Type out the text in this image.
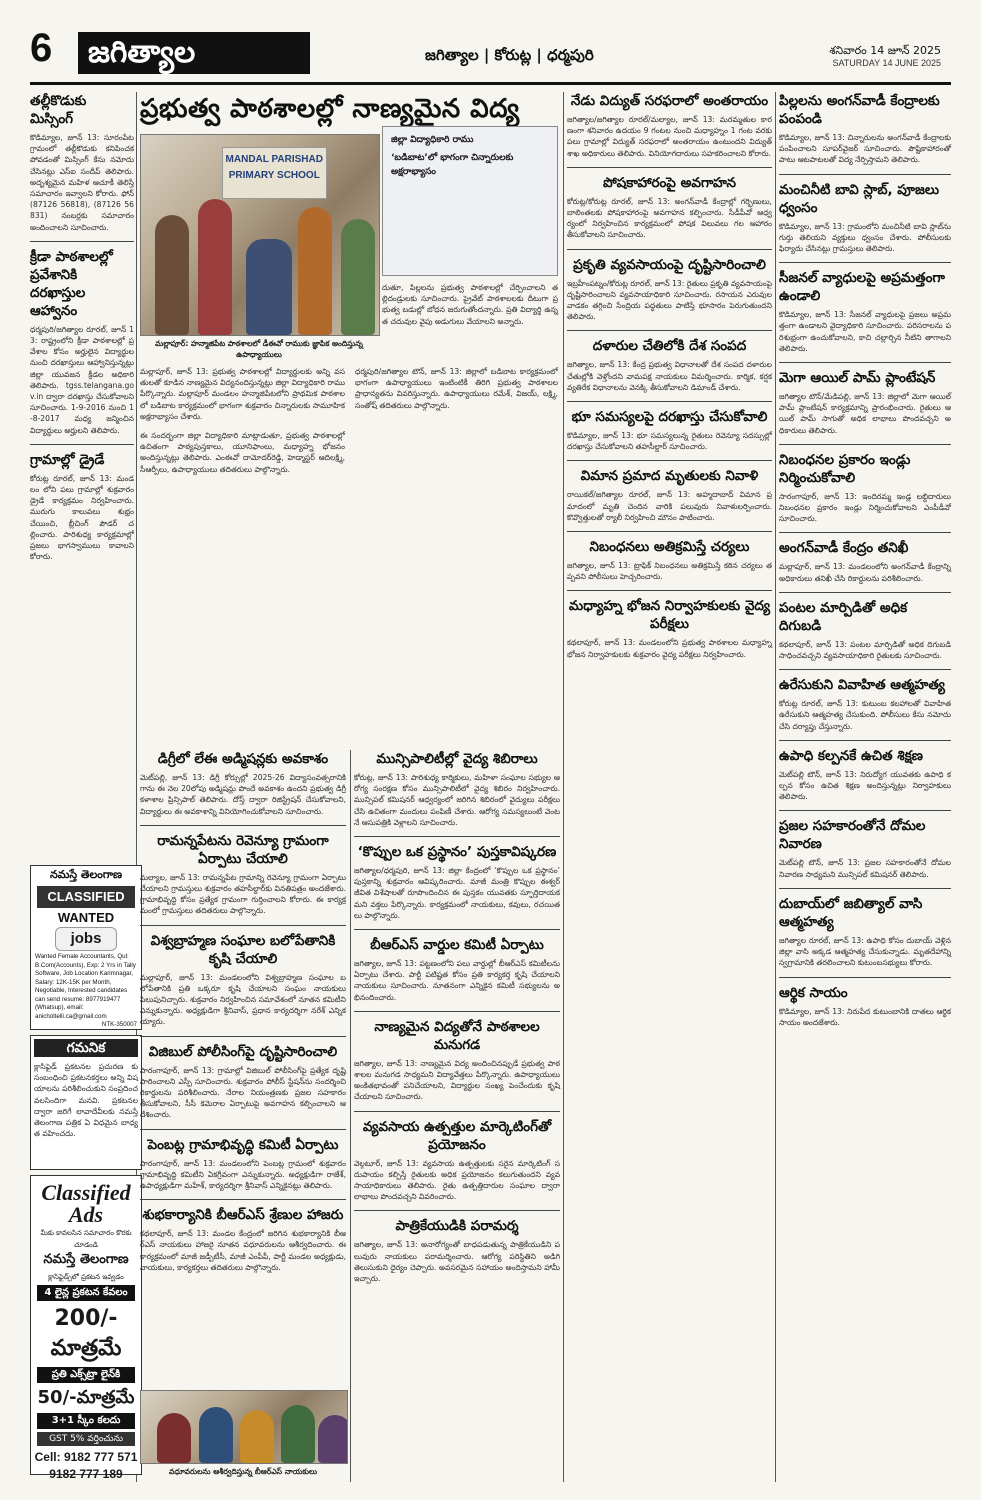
6	జగిత్యాల	జగిత్యాల | కోరుట్ల | ధర్మపురి	శనివారం 14 జూన్ 2025
SATURDAY 14 JUNE 2025
తల్లీకొడుకు మిస్సింగ్
కొడిమ్యాల, జూన్ 13: సూరంపేట గ్రామంలో తల్లీకొడుకు కనిపించకపోవడంతో మిస్సింగ్ కేసు నమోదు చేసినట్లు ఎస్‌ఐ సందీప్ తెలిపారు. అదృశ్యమైన మహిళ ఆచూకీ తెలిస్తే సమాచారం ఇవ్వాలని కోరారు. ఫోన్ (87126 56818), (87126 56831) నంబర్లకు సమాచారం అందించాలని సూచించారు.
క్రీడా పాఠశాలల్లో ప్రవేశానికి దరఖాస్తుల ఆహ్వానం
ధర్మపురి/జగిత్యాల రూరల్, జూన్ 13: రాష్ట్రంలోని క్రీడా పాఠశాలల్లో ప్రవేశాల కోసం అర్హులైన విద్యార్థుల నుంచి దరఖాస్తులు ఆహ్వానిస్తున్నట్లు జిల్లా యువజన క్రీడల అధికారి తెలిపారు. tgss.telangana.gov.in ద్వారా దరఖాస్తు చేసుకోవాలని సూచించారు. 1-9-2016 నుంచి 1-8-2017 మధ్య జన్మించిన విద్యార్థులు అర్హులని తెలిపారు.
గ్రామాల్లో డ్రైడే
కోరుట్ల రూరల్, జూన్ 13: మండలం లోని పలు గ్రామాల్లో శుక్రవారం డ్రైడే కార్యక్రమం నిర్వహించారు. మురుగు కాలువలు శుభ్రం చేయించి, బ్లీచింగ్ పౌడర్ చల్లించారు. పారిశుధ్య కార్యక్రమాల్లో ప్రజలు భాగస్వాములు కావాలని కోరారు.
నమస్తే తెలంగాణ
CLASSIFIED
WANTED
jobs
Wanted Female Accountants, Qul: B.Com(Accounts), Exp: 2 Yrs in Tally Software, Job Location Karimnagar, Salary: 12K-15K per Month, Negotiable, Interested candidates can send resume: 8977919477 (Whatsup), email: anicholtelli.ca@gmail.com
NTK-350007
గమనిక
క్లాసిఫైడ్ ప్రకటనల ప్రచురణ కు సంబంధించి ప్రకటనకర్తలు అన్ని విషయాలను పరిశీలించుకుని సంప్రదించవలసిందిగా మనవి. ప్రకటనల ద్వారా జరిగే లావాదేవీలకు నమస్తే తెలంగాణ పత్రిక ఏ విధమైన బాధ్యత వహించదు.
Classified Ads
మీకు కావలసిన సమాచారం కొరకు
చూడండి
నమస్తే తెలంగాణ
క్లాసిఫైడ్స్‌లో ప్రకటన ఇవ్వడం
4 లైన్ల ప్రకటన కేవలం
200/-మాత్రమే
ప్రతి ఎక్స్‌ట్రా లైన్‌కి
50/-మాత్రమే
3+1 స్కీం కలదు
GST 5% వర్తించును
Cell: 9182 777 571
9182 777 189
ప్రభుత్వ పాఠశాలల్లో నాణ్యమైన విద్య
MANDAL PARISHAD PRIMARY SCHOOL
జిల్లా విద్యాధికారి రాము
‘బడిబాట’లో భాగంగా చిన్నారులకు అక్షరాభ్యాసం
దుతూ, పిల్లలను ప్రభుత్వ పాఠశాలల్లో చేర్పించాలని తల్లిదండ్రులకు సూచించారు. ప్రైవేట్ పాఠశాలలకు దీటుగా ప్రభుత్వ బడుల్లో బోధన జరుగుతోందన్నారు. ప్రతి విద్యార్థి ఉన్నత చదువుల వైపు అడుగులు వేయాలని అన్నారు.
మల్లాపూర్: హన్మాజిపేట పాఠశాలలో డీఈవో రాముకు జ్ఞాపిక అందిస్తున్న ఉపాధ్యాయులు
మల్లాపూర్, జూన్ 13: ప్రభుత్వ పాఠశాలల్లో విద్యార్థులకు అన్ని వసతులతో కూడిన నాణ్యమైన విద్యనందిస్తున్నట్లు జిల్లా విద్యాధికారి రాము పేర్కొన్నారు. మల్లాపూర్ మండలం హన్మాజిపేటలోని ప్రాథమిక పాఠశాలలో బడిబాట కార్యక్రమంలో భాగంగా శుక్రవారం చిన్నారులకు సామూహిక అక్షరాభ్యాసం చేశారు.
ఈ సందర్భంగా జిల్లా విద్యాధికారి మాట్లాడుతూ, ప్రభుత్వ పాఠశాలల్లో ఉచితంగా పాఠ్యపుస్తకాలు, యూనిఫాంలు, మధ్యాహ్న భోజనం అందిస్తున్నట్లు తెలిపారు. ఎంఈవో దామోదర్‌రెడ్డి, హెడ్మాస్టర్ ఆదిలక్ష్మి, సీఆర్పీలు, ఉపాధ్యాయులు తదితరులు పాల్గొన్నారు.
ధర్మపురి/జగిత్యాల టౌన్, జూన్ 13: జిల్లాలో బడిబాట కార్యక్రమంలో భాగంగా ఉపాధ్యాయులు ఇంటింటికీ తిరిగి ప్రభుత్వ పాఠశాలల ప్రాధాన్యతను వివరిస్తున్నారు. ఉపాధ్యాయులు రమేశ్, విజయ్, లక్ష్మి, సంతోష్ తదితరులు పాల్గొన్నారు.
డిగ్రీలో లేఈ అడ్మిషన్లకు అవకాశం
మెట్‌పల్లి, జూన్ 13: డిగ్రీ కోర్సుల్లో 2025-26 విద్యాసంవత్సరానికి గాను ఈ నెల 20లోపు అడ్మిషన్లు పొందే అవకాశం ఉందని ప్రభుత్వ డిగ్రీ కళాశాల ప్రిన్సిపాల్ తెలిపారు. దోస్త్ ద్వారా రిజిస్ట్రేషన్ చేసుకోవాలని, విద్యార్థులు ఈ అవకాశాన్ని వినియోగించుకోవాలని సూచించారు.
రామన్నపేటను రెవెన్యూ గ్రామంగా ఏర్పాటు చేయాలి
మల్యాల, జూన్ 13: రామన్నపేట గ్రామాన్ని రెవెన్యూ గ్రామంగా ఏర్పాటు చేయాలని గ్రామస్తులు శుక్రవారం తహసీల్దార్‌కు వినతిపత్రం అందజేశారు. గ్రామాభివృద్ధి కోసం ప్రత్యేక గ్రామంగా గుర్తించాలని కోరారు. ఈ కార్యక్రమంలో గ్రామస్తులు తదితరులు పాల్గొన్నారు.
విశ్వబ్రాహ్మణ సంఘాల బలోపేతానికి కృషి చేయాలి
మల్లాపూర్, జూన్ 13: మండలంలోని విశ్వబ్రాహ్మణ సంఘాల బలోపేతానికి ప్రతి ఒక్కరూ కృషి చేయాలని సంఘం నాయకులు పిలుపునిచ్చారు. శుక్రవారం నిర్వహించిన సమావేశంలో నూతన కమిటీని ఎన్నుకున్నారు. అధ్యక్షుడిగా శ్రీనివాస్, ప్రధాన కార్యదర్శిగా నరేశ్ ఎన్నికయ్యారు.
విజిబుల్ పోలీసింగ్‌పై దృష్టిసారించాలి
సారంగాపూర్, జూన్ 13: గ్రామాల్లో విజిబుల్ పోలీసింగ్‌పై ప్రత్యేక దృష్టి సారించాలని ఎస్పీ సూచించారు. శుక్రవారం పోలీస్ స్టేషన్‌ను సందర్శించి రికార్డులను పరిశీలించారు. నేరాల నియంత్రణకు ప్రజల సహకారం తీసుకోవాలని, సీసీ కెమెరాల ఏర్పాటుపై అవగాహన కల్పించాలని ఆదేశించారు.
పెంబట్ల గ్రామాభివృద్ధి కమిటీ ఏర్పాటు
సారంగాపూర్, జూన్ 13: మండలంలోని పెంబట్ల గ్రామంలో శుక్రవారం గ్రామాభివృద్ధి కమిటీని ఏకగ్రీవంగా ఎన్నుకున్నారు. అధ్యక్షుడిగా రాజేశ్, ఉపాధ్యక్షుడిగా మహేశ్, కార్యదర్శిగా శ్రీనివాస్ ఎన్నికైనట్లు తెలిపారు.
శుభకార్యానికి బీఆర్‌ఎస్ శ్రేణుల హాజరు
కథలాపూర్, జూన్ 13: మండల కేంద్రంలో జరిగిన శుభకార్యానికి బీఆర్‌ఎస్ నాయకులు హాజరై నూతన వధూవరులను ఆశీర్వదించారు. ఈ కార్యక్రమంలో మాజీ జడ్పీటీసీ, మాజీ ఎంపీపీ, పార్టీ మండల అధ్యక్షుడు, నాయకులు, కార్యకర్తలు తదితరులు పాల్గొన్నారు.
వధూవరులను ఆశీర్వదిస్తున్న బీఆర్‌ఎస్ నాయకులు
మున్సిపాలిటీల్లో వైద్య శిబిరాలు
కోరుట్ల, జూన్ 13: పారిశుధ్య కార్మికులు, మహిళా సంఘాల సభ్యుల ఆరోగ్య సంరక్షణ కోసం మున్సిపాలిటీలో వైద్య శిబిరం నిర్వహించారు. మున్సిపల్ కమిషనర్ ఆధ్వర్యంలో జరిగిన శిబిరంలో వైద్యులు పరీక్షలు చేసి ఉచితంగా మందులు పంపిణీ చేశారు. ఆరోగ్య సమస్యలుంటే వెంటనే ఆసుపత్రికి వెళ్లాలని సూచించారు.
‘కొప్పుల ఒక ప్రస్థానం’ పుస్తకావిష్కరణ
జగిత్యాల/ధర్మపురి, జూన్ 13: జిల్లా కేంద్రంలో ‘కొప్పుల ఒక ప్రస్థానం’ పుస్తకాన్ని శుక్రవారం ఆవిష్కరించారు. మాజీ మంత్రి కొప్పుల ఈశ్వర్ జీవిత విశేషాలతో రూపొందించిన ఈ పుస్తకం యువతకు స్ఫూర్తిదాయకమని వక్తలు పేర్కొన్నారు. కార్యక్రమంలో నాయకులు, కవులు, రచయితలు పాల్గొన్నారు.
బీఆర్‌ఎస్ వార్డుల కమిటీ ఏర్పాటు
జగిత్యాల, జూన్ 13: పట్టణంలోని పలు వార్డుల్లో బీఆర్‌ఎస్ కమిటీలను ఏర్పాటు చేశారు. పార్టీ పటిష్టత కోసం ప్రతి కార్యకర్త కృషి చేయాలని నాయకులు సూచించారు. నూతనంగా ఎన్నికైన కమిటీ సభ్యులను అభినందించారు.
నాణ్యమైన విద్యతోనే పాఠశాలల మనుగడ
జగిత్యాల, జూన్ 13: నాణ్యమైన విద్య అందించినప్పుడే ప్రభుత్వ పాఠశాలల మనుగడ సాధ్యమని విద్యావేత్తలు పేర్కొన్నారు. ఉపాధ్యాయులు అంకితభావంతో పనిచేయాలని, విద్యార్థుల సంఖ్య పెంచేందుకు కృషి చేయాలని సూచించారు.
వ్యవసాయ ఉత్పత్తుల మార్కెటింగ్‌తో ప్రయోజనం
వెల్గటూర్, జూన్ 13: వ్యవసాయ ఉత్పత్తులకు సరైన మార్కెటింగ్ సదుపాయం కల్పిస్తే రైతులకు అధిక ప్రయోజనం కలుగుతుందని వ్యవసాయాధికారులు తెలిపారు. రైతు ఉత్పత్తిదారుల సంఘాల ద్వారా లాభాలు పొందవచ్చని వివరించారు.
పాత్రికేయుడికి పరామర్శ
జగిత్యాల, జూన్ 13: అనారోగ్యంతో బాధపడుతున్న పాత్రికేయుడిని పలువురు నాయకులు పరామర్శించారు. ఆరోగ్య పరిస్థితిని అడిగి తెలుసుకుని ధైర్యం చెప్పారు. అవసరమైన సహాయం అందిస్తామని హామీ ఇచ్చారు.
నేడు విద్యుత్ సరఫరాలో అంతరాయం
జగిత్యాల/జగిత్యాల రూరల్/మల్యాల, జూన్ 13: మరమ్మతుల కారణంగా శనివారం ఉదయం 9 గంటల నుంచి మధ్యాహ్నం 1 గంట వరకు పలు గ్రామాల్లో విద్యుత్ సరఫరాలో అంతరాయం ఉంటుందని విద్యుత్ శాఖ అధికారులు తెలిపారు. వినియోగదారులు సహకరించాలని కోరారు.
పోషకాహారంపై అవగాహన
కోరుట్ల/కోరుట్ల రూరల్, జూన్ 13: అంగన్‌వాడీ కేంద్రాల్లో గర్భిణులు, బాలింతలకు పోషకాహారంపై అవగాహన కల్పించారు. సీడీపీవో ఆధ్వర్యంలో నిర్వహించిన కార్యక్రమంలో పోషక విలువలు గల ఆహారం తీసుకోవాలని సూచించారు.
ప్రకృతి వ్యవసాయంపై దృష్టిసారించాలి
ఇబ్రహీంపట్నం/కోరుట్ల రూరల్, జూన్ 13: రైతులు ప్రకృతి వ్యవసాయంపై దృష్టిసారించాలని వ్యవసాయాధికారి సూచించారు. రసాయన ఎరువుల వాడకం తగ్గించి సేంద్రియ పద్ధతులు పాటిస్తే భూసారం పెరుగుతుందని తెలిపారు.
దళారుల చేతిలోకి దేశ సంపద
జగిత్యాల, జూన్ 13: కేంద్ర ప్రభుత్వ విధానాలతో దేశ సంపద దళారుల చేతుల్లోకి వెళ్తోందని వామపక్ష నాయకులు విమర్శించారు. కార్మిక, కర్షక వ్యతిరేక విధానాలను వెనక్కి తీసుకోవాలని డిమాండ్ చేశారు.
భూ సమస్యలపై దరఖాస్తు చేసుకోవాలి
కొడిమ్యాల, జూన్ 13: భూ సమస్యలున్న రైతులు రెవెన్యూ సదస్సుల్లో దరఖాస్తు చేసుకోవాలని తహసీల్దార్ సూచించారు.
విమాన ప్రమాద మృతులకు నివాళి
రాయికల్/జగిత్యాల రూరల్, జూన్ 13: అహ్మదాబాద్ విమాన ప్రమాదంలో మృతి చెందిన వారికి పలువురు నివాళులర్పించారు. కొవ్వొత్తులతో ర్యాలీ నిర్వహించి మౌనం పాటించారు.
నిబంధనలు అతిక్రమిస్తే చర్యలు
జగిత్యాల, జూన్ 13: ట్రాఫిక్ నిబంధనలు అతిక్రమిస్తే కఠిన చర్యలు తప్పవని పోలీసులు హెచ్చరించారు.
మధ్యాహ్న భోజన నిర్వాహకులకు వైద్య పరీక్షలు
కథలాపూర్, జూన్ 13: మండలంలోని ప్రభుత్వ పాఠశాలల మధ్యాహ్న భోజన నిర్వాహకులకు శుక్రవారం వైద్య పరీక్షలు నిర్వహించారు.
పిల్లలను అంగన్‌వాడీ కేంద్రాలకు పంపండి
కొడిమ్యాల, జూన్ 13: చిన్నారులను అంగన్‌వాడీ కేంద్రాలకు పంపించాలని సూపర్‌వైజర్ సూచించారు. పౌష్టికాహారంతో పాటు ఆటపాటలతో విద్య నేర్పిస్తామని తెలిపారు.
మంచినీటి బావి స్లాబ్, పూజలు ధ్వంసం
కొడిమ్యాల, జూన్ 13: గ్రామంలోని మంచినీటి బావి స్లాబ్‌ను గుర్తు తెలియని వ్యక్తులు ధ్వంసం చేశారు. పోలీసులకు ఫిర్యాదు చేసినట్లు గ్రామస్తులు తెలిపారు.
సీజనల్ వ్యాధులపై అప్రమత్తంగా ఉండాలి
కొడిమ్యాల, జూన్ 13: సీజనల్ వ్యాధులపై ప్రజలు అప్రమత్తంగా ఉండాలని వైద్యాధికారి సూచించారు. పరిసరాలను పరిశుభ్రంగా ఉంచుకోవాలని, కాచి చల్లార్చిన నీటిని తాగాలని తెలిపారు.
మెగా ఆయిల్ పామ్ ప్లాంటేషన్
జగిత్యాల టౌన్/మేడిపల్లి, జూన్ 13: జిల్లాలో మెగా ఆయిల్ పామ్ ప్లాంటేషన్ కార్యక్రమాన్ని ప్రారంభించారు. రైతులు ఆయిల్ పామ్ సాగుతో అధిక లాభాలు పొందవచ్చని అధికారులు తెలిపారు.
నిబంధనల ప్రకారం ఇండ్లు నిర్మించుకోవాలి
సారంగాపూర్, జూన్ 13: ఇందిరమ్మ ఇండ్ల లబ్ధిదారులు నిబంధనల ప్రకారం ఇండ్లు నిర్మించుకోవాలని ఎంపీడీవో సూచించారు.
అంగన్‌వాడీ కేంద్రం తనిఖీ
మల్లాపూర్, జూన్ 13: మండలంలోని అంగన్‌వాడీ కేంద్రాన్ని అధికారులు తనిఖీ చేసి రికార్డులను పరిశీలించారు.
పంటల మార్పిడితో అధిక దిగుబడి
కథలాపూర్, జూన్ 13: పంటల మార్పిడితో అధిక దిగుబడి సాధించవచ్చని వ్యవసాయాధికారి రైతులకు సూచించారు.
ఉరేసుకుని వివాహిత ఆత్మహత్య
కోరుట్ల రూరల్, జూన్ 13: కుటుంబ కలహాలతో వివాహిత ఉరేసుకుని ఆత్మహత్య చేసుకుంది. పోలీసులు కేసు నమోదు చేసి దర్యాప్తు చేస్తున్నారు.
ఉపాధి కల్పనకే ఉచిత శిక్షణ
మెట్‌పల్లి టౌన్, జూన్ 13: నిరుద్యోగ యువతకు ఉపాధి కల్పన కోసం ఉచిత శిక్షణ అందిస్తున్నట్లు నిర్వాహకులు తెలిపారు.
ప్రజల సహకారంతోనే దోమల నివారణ
మెట్‌పల్లి టౌన్, జూన్ 13: ప్రజల సహకారంతోనే దోమల నివారణ సాధ్యమని మున్సిపల్ కమిషనర్ తెలిపారు.
దుబాయ్‌లో జబిత్యాల్ వాసి ఆత్మహత్య
జగిత్యాల రూరల్, జూన్ 13: ఉపాధి కోసం దుబాయ్ వెళ్లిన జిల్లా వాసి అక్కడ ఆత్మహత్య చేసుకున్నాడు. మృతదేహాన్ని స్వగ్రామానికి తరలించాలని కుటుంబసభ్యులు కోరారు.
ఆర్థిక సాయం
కొడిమ్యాల, జూన్ 13: నిరుపేద కుటుంబానికి దాతలు ఆర్థిక సాయం అందజేశారు.
